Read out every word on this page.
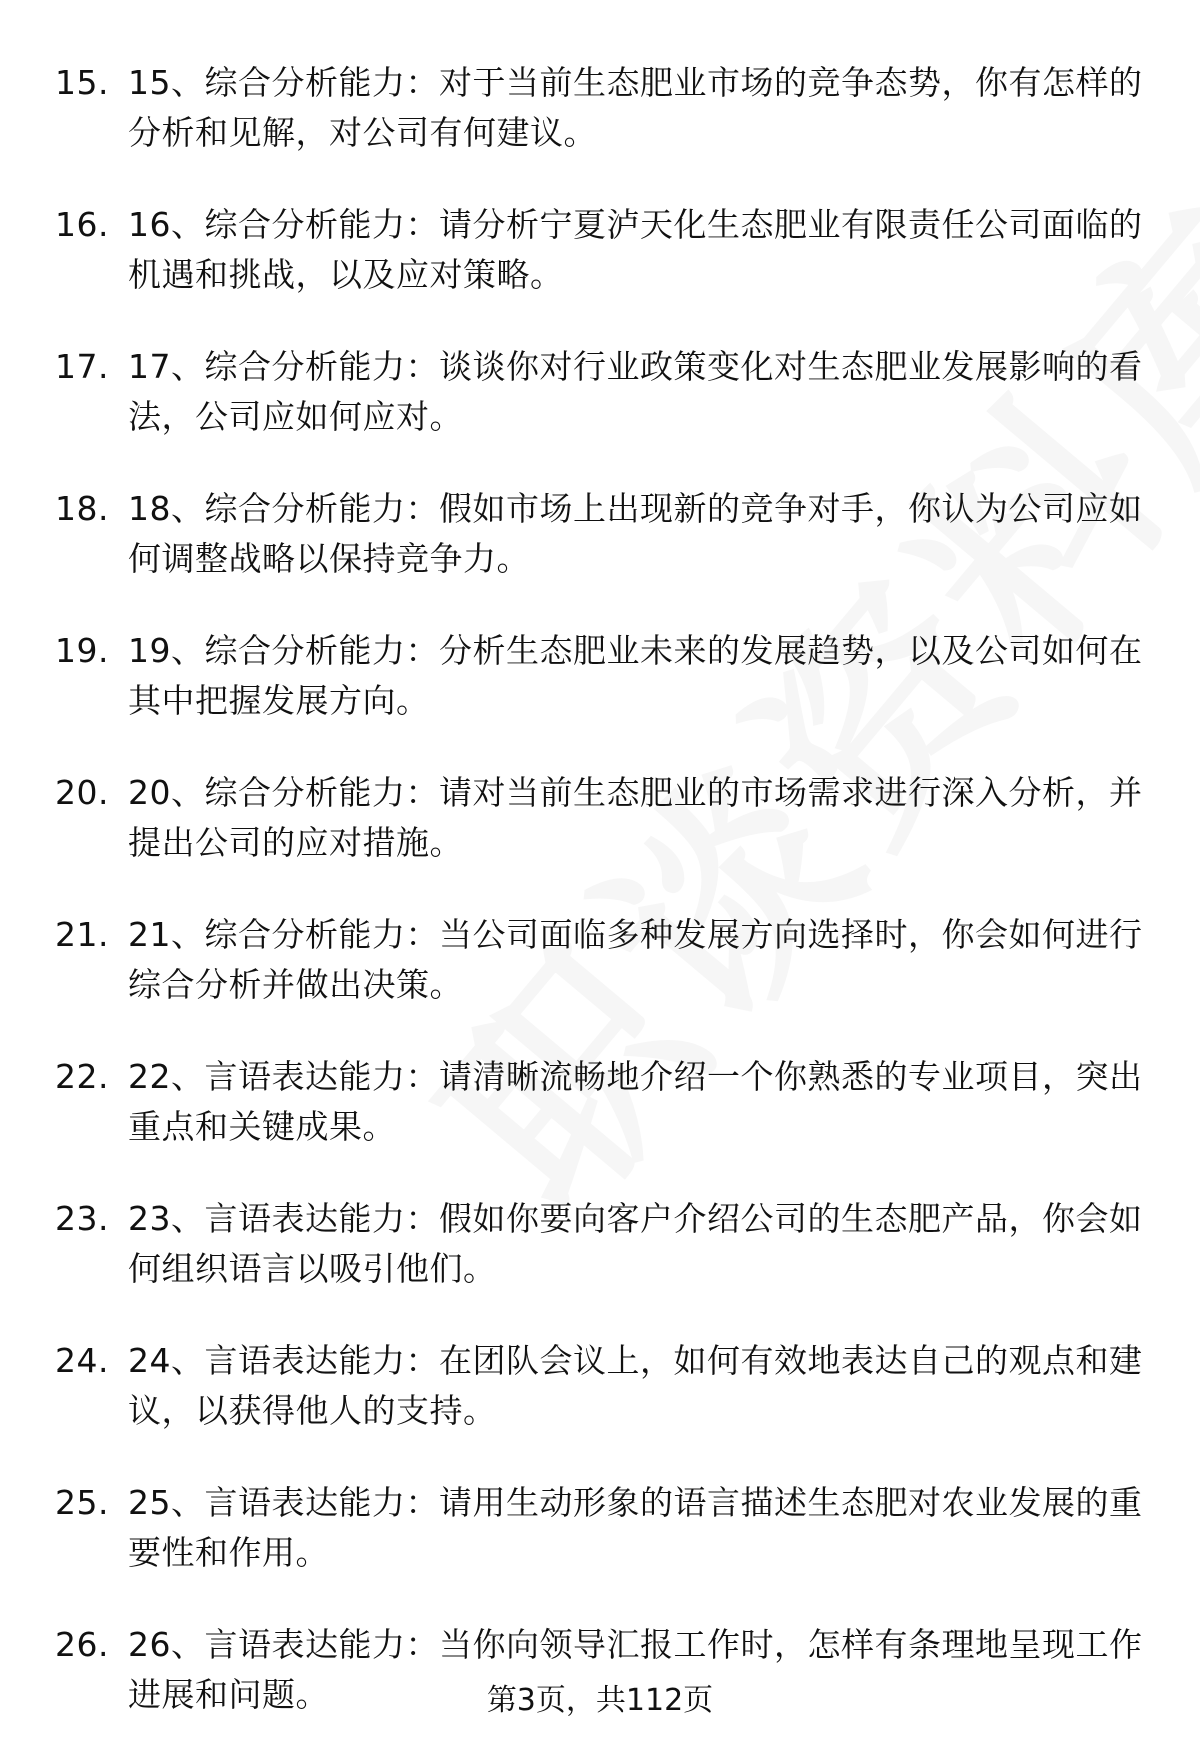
15. 15、综合分析能力：对于当前生态肥业市场的竞争态势，你有怎样的分析和见解，对公司有何建议。
16. 16、综合分析能力：请分析宁夏泸天化生态肥业有限责任公司面临的机遇和挑战，以及应对策略。
17. 17、综合分析能力：谈谈你对行业政策变化对生态肥业发展影响的看法，公司应如何应对。
18. 18、综合分析能力：假如市场上出现新的竞争对手，你认为公司应如何调整战略以保持竞争力。
19. 19、综合分析能力：分析生态肥业未来的发展趋势，以及公司如何在其中把握发展方向。
20. 20、综合分析能力：请对当前生态肥业的市场需求进行深入分析，并提出公司的应对措施。
21. 21、综合分析能力：当公司面临多种发展方向选择时，你会如何进行综合分析并做出决策。
22. 22、言语表达能力：请清晰流畅地介绍一个你熟悉的专业项目，突出重点和关键成果。
23. 23、言语表达能力：假如你要向客户介绍公司的生态肥产品，你会如何组织语言以吸引他们。
24. 24、言语表达能力：在团队会议上，如何有效地表达自己的观点和建议，以获得他人的支持。
25. 25、言语表达能力：请用生动形象的语言描述生态肥对农业发展的重要性和作用。
26. 26、言语表达能力：当你向领导汇报工作时，怎样有条理地呈现工作进展和问题。	第3页，共112页
